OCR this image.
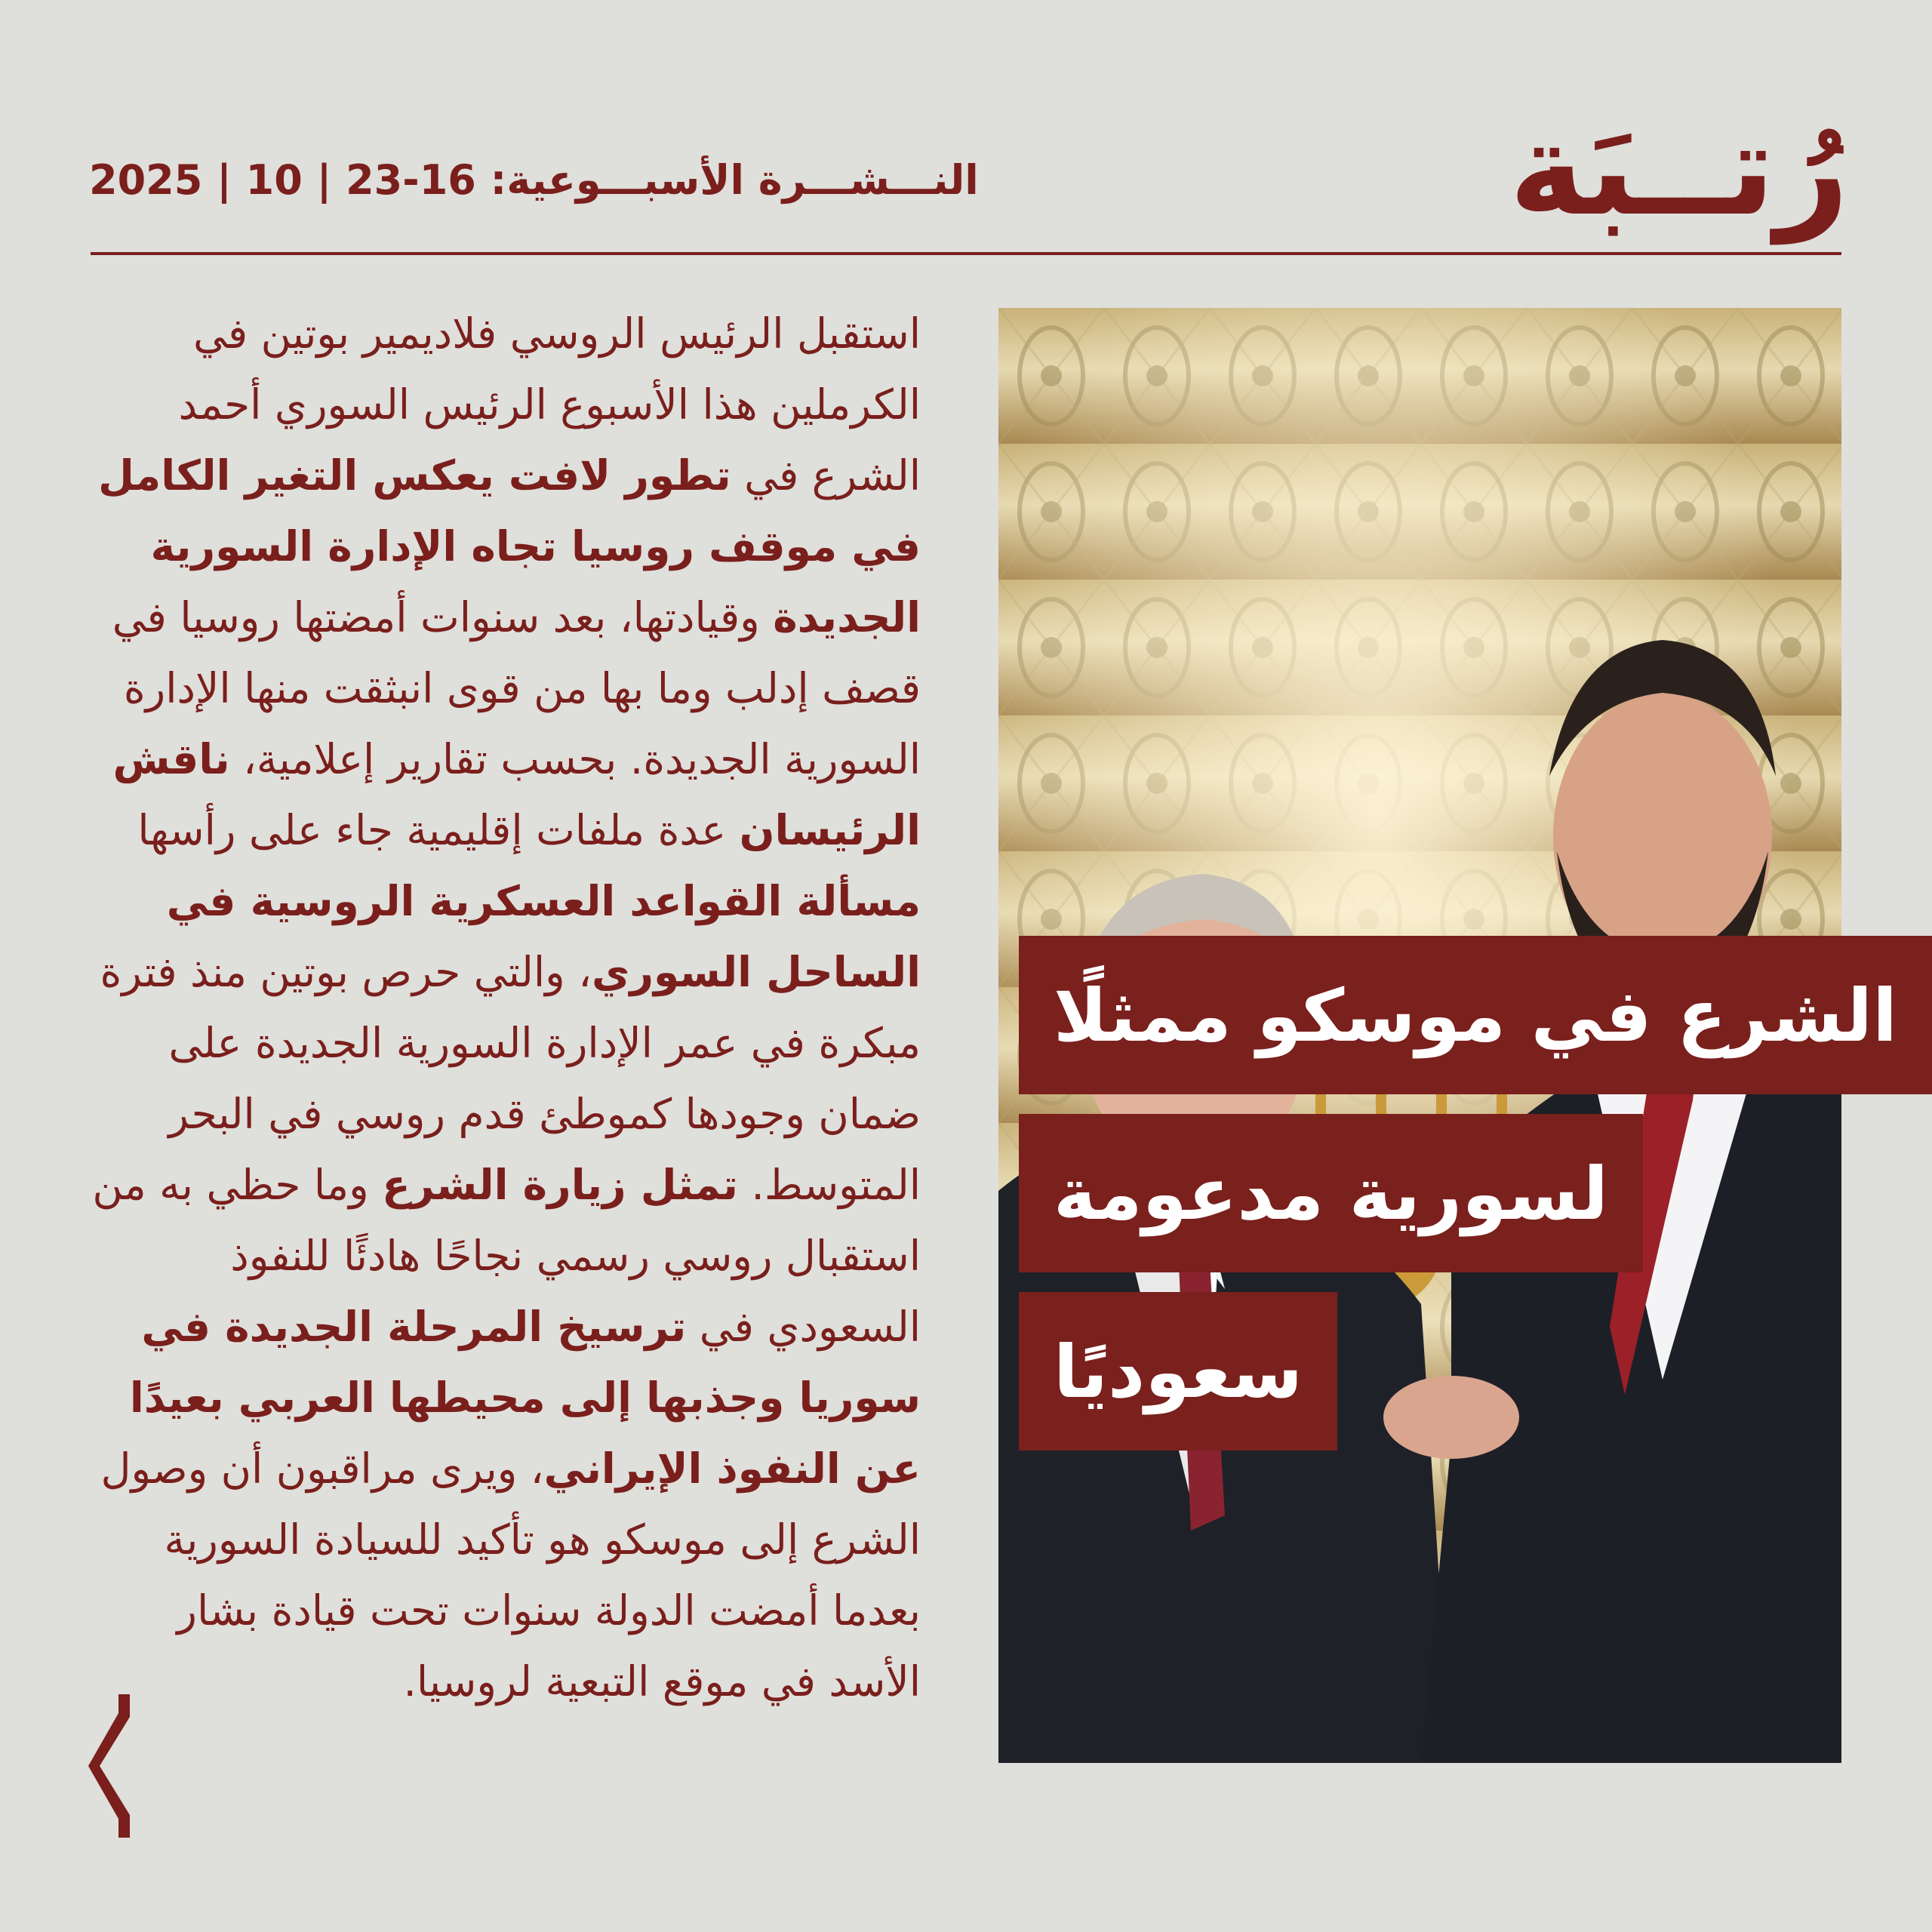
رُتــبَة
النـــشـــرة الأسبـــوعية: 16-23 | 10 | 2025
الشرع في موسكو ممثلًا
لسورية مدعومة
سعوديًا
استقبل الرئيس الروسي فلاديمير بوتين في الكرملين هذا الأسبوع الرئيس السوري أحمد الشرع في تطور لافت يعكس التغير الكامل في موقف روسيا تجاه الإدارة السورية الجديدة وقيادتها، بعد سنوات أمضتها روسيا في قصف إدلب وما بها من قوى انبثقت منها الإدارة السورية الجديدة. بحسب تقارير إعلامية، ناقش الرئيسان عدة ملفات إقليمية جاء على رأسها مسألة القواعد العسكرية الروسية في الساحل السوري، والتي حرص بوتين منذ فترة مبكرة في عمر الإدارة السورية الجديدة على ضمان وجودها كموطئ قدم روسي في البحر المتوسط. تمثل زيارة الشرع وما حظي به من استقبال روسي رسمي نجاحًا هادئًا للنفوذ السعودي في ترسيخ المرحلة الجديدة في سوريا وجذبها إلى محيطها العربي بعيدًا عن النفوذ الإيراني، ويرى مراقبون أن وصول الشرع إلى موسكو هو تأكيد للسيادة السورية بعدما أمضت الدولة سنوات تحت قيادة بشار الأسد في موقع التبعية لروسيا.
